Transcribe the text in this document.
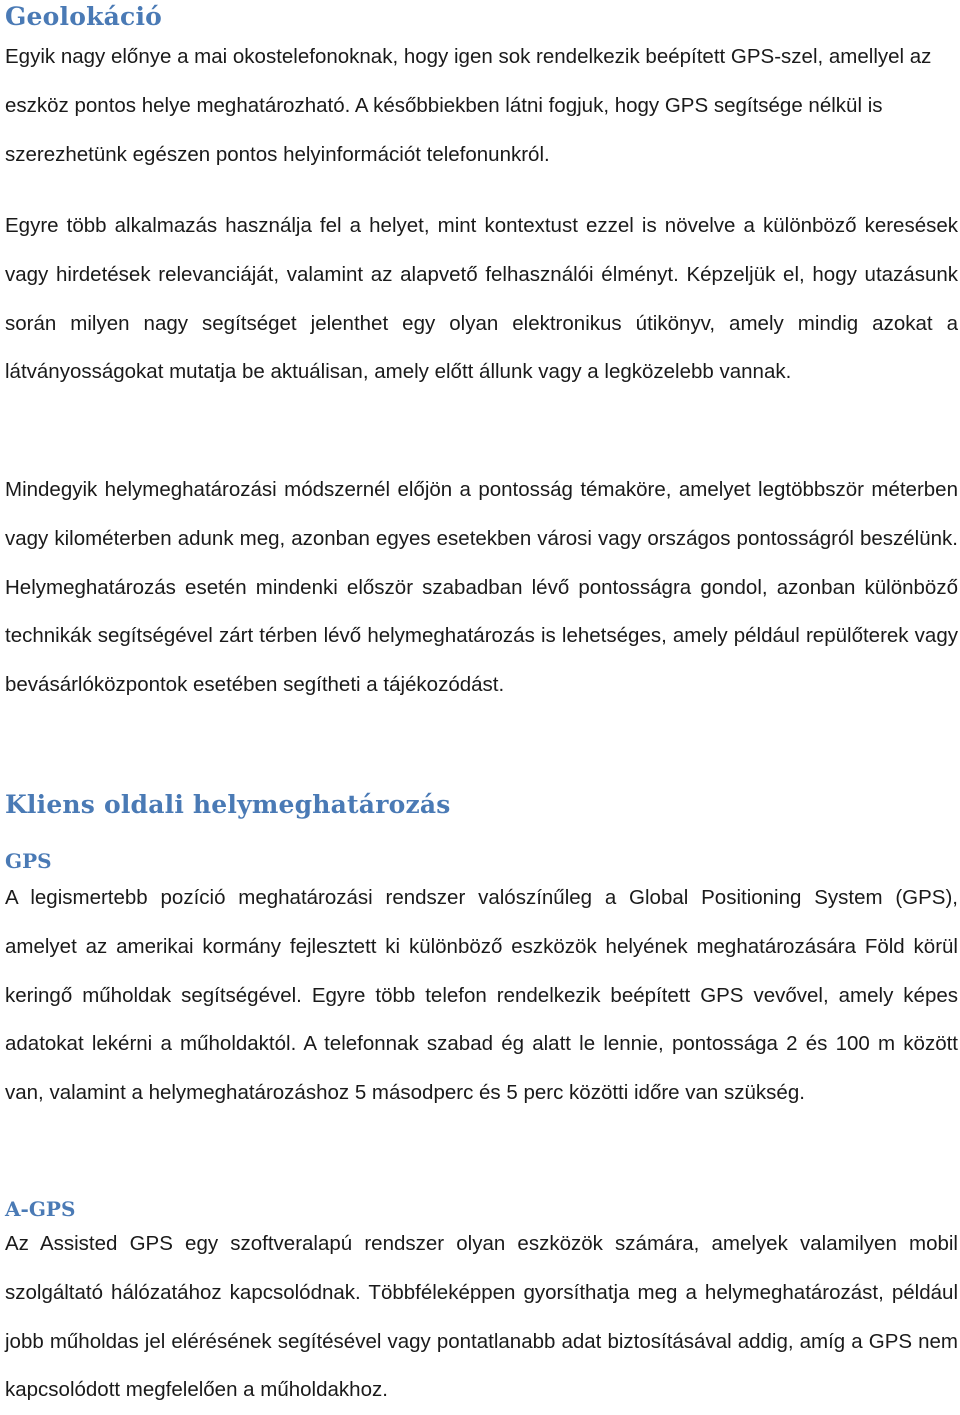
Geolokáció

Egyik nagy előnye a mai okostelefonoknak, hogy igen sok rendelkezik beépített GPS-szel, amellyel az eszköz pontos helye meghatározható. A későbbiekben látni fogjuk, hogy GPS segítsége nélkül is szerezhetünk egészen pontos helyinformációt telefonunkról.

Egyre több alkalmazás használja fel a helyet, mint kontextust ezzel is növelve a különböző keresések vagy hirdetések relevanciáját, valamint az alapvető felhasználói élményt. Képzeljük el, hogy utazásunk során milyen nagy segítséget jelenthet egy olyan elektronikus útikönyv, amely mindig azokat a látványosságokat mutatja be aktuálisan, amely előtt állunk vagy a legközelebb vannak.

Mindegyik helymeghatározási módszernél előjön a pontosság témaköre, amelyet legtöbbször méterben vagy kilométerben adunk meg, azonban egyes esetekben városi vagy országos pontosságról beszélünk. Helymeghatározás esetén mindenki először szabadban lévő pontosságra gondol, azonban különböző technikák segítségével zárt térben lévő helymeghatározás is lehetséges, amely például repülőterek vagy bevásárlóközpontok esetében segítheti a tájékozódást.

Kliens oldali helymeghatározás
GPS

A legismertebb pozíció meghatározási rendszer valószínűleg a Global Positioning System (GPS), amelyet az amerikai kormány fejlesztett ki különböző eszközök helyének meghatározására Föld körül keringő műholdak segítségével. Egyre több telefon rendelkezik beépített GPS vevővel, amely képes adatokat lekérni a műholdaktól. A telefonnak szabad ég alatt le lennie, pontossága 2 és 100 m között van, valamint a helymeghatározáshoz 5 másodperc és 5 perc közötti időre van szükség.

A-GPS

Az Assisted GPS egy szoftveralapú rendszer olyan eszközök számára, amelyek valamilyen mobil szolgáltató hálózatához kapcsolódnak. Többféleképpen gyorsíthatja meg a helymeghatározást, például jobb műholdas jel elérésének segítésével vagy pontatlanabb adat biztosításával addig, amíg a GPS nem kapcsolódott megfelelően a műholdakhoz.
